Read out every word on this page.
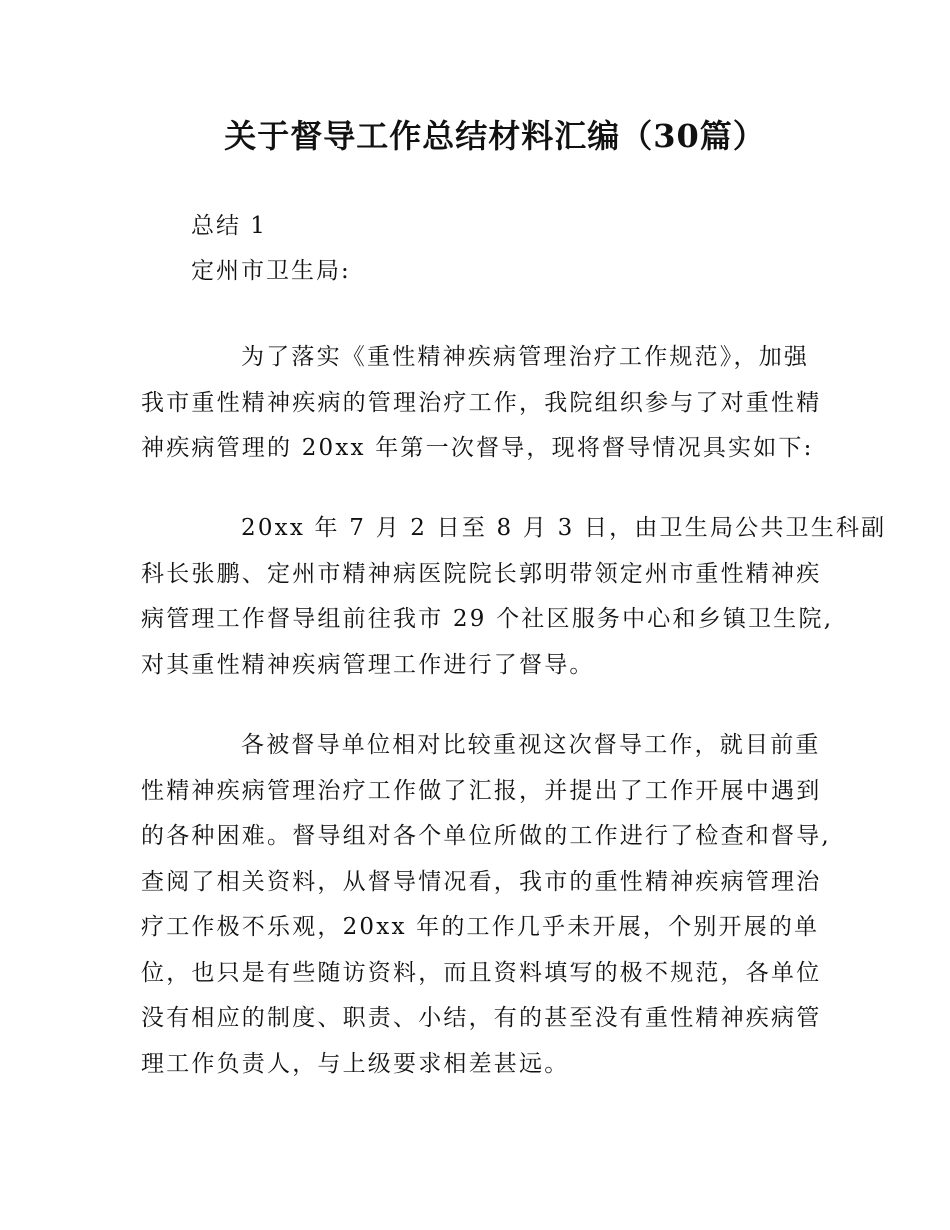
关于督导工作总结材料汇编（30篇）
总结 1
定州市卫生局:
为了落实《重性精神疾病管理治疗工作规范》，加强
我市重性精神疾病的管理治疗工作，我院组织参与了对重性精
神疾病管理的 20xx 年第一次督导，现将督导情况具实如下:
20xx 年 7 月 2 日至 8 月 3 日，由卫生局公共卫生科副
科长张鹏、定州市精神病医院院长郭明带领定州市重性精神疾
病管理工作督导组前往我市 29 个社区服务中心和乡镇卫生院,
对其重性精神疾病管理工作进行了督导。
各被督导单位相对比较重视这次督导工作，就目前重
性精神疾病管理治疗工作做了汇报，并提出了工作开展中遇到
的各种困难。督导组对各个单位所做的工作进行了检查和督导,
查阅了相关资料，从督导情况看，我市的重性精神疾病管理治
疗工作极不乐观，20xx 年的工作几乎未开展，个别开展的单
位，也只是有些随访资料，而且资料填写的极不规范，各单位
没有相应的制度、职责、小结，有的甚至没有重性精神疾病管
理工作负责人，与上级要求相差甚远。
